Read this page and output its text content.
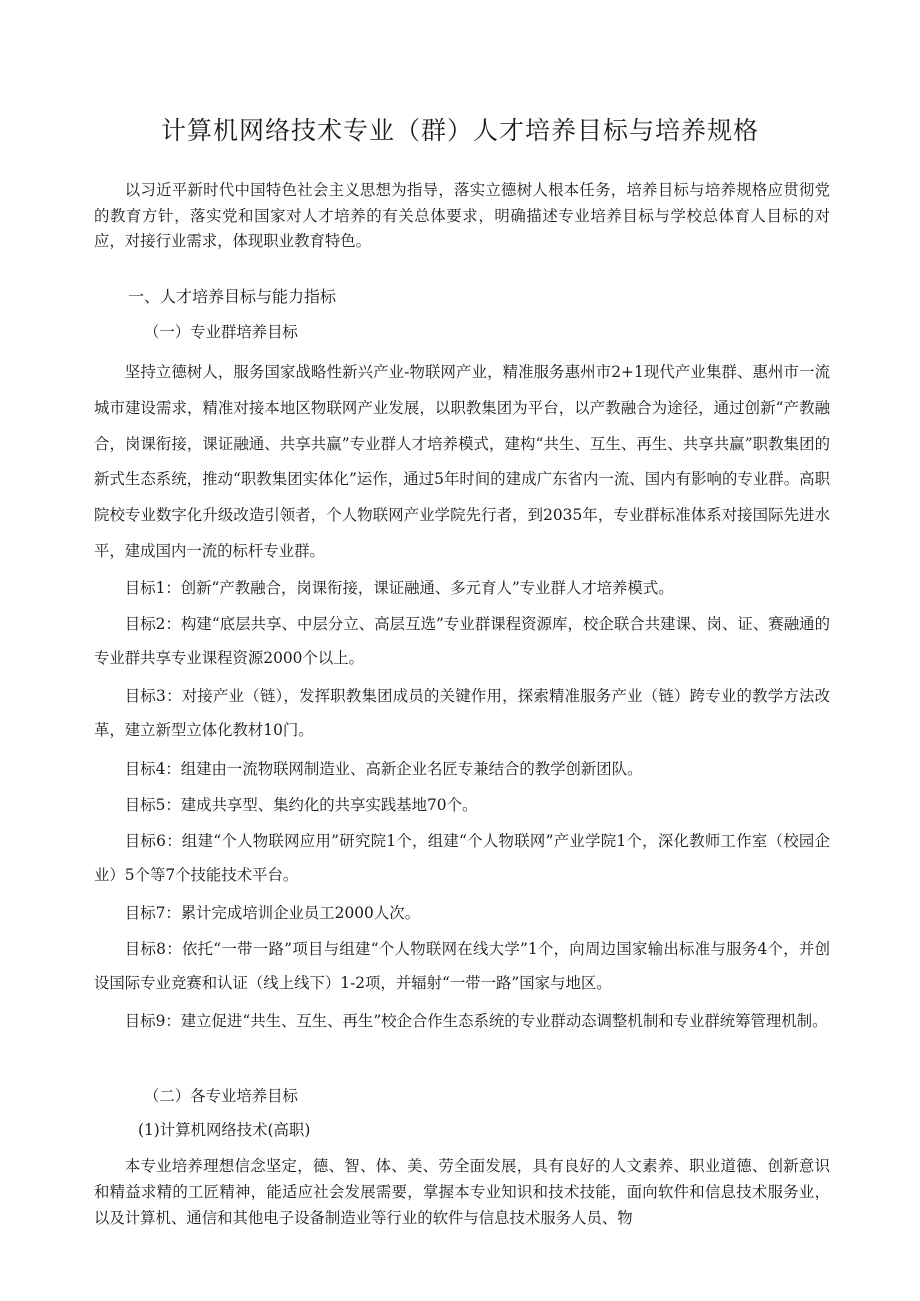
计算机网络技术专业（群）人才培养目标与培养规格

以习近平新时代中国特色社会主义思想为指导，落实立德树人根本任务，培养目标与培养规格应贯彻党的教育方针，落实党和国家对人才培养的有关总体要求，明确描述专业培养目标与学校总体育人目标的对应，对接行业需求，体现职业教育特色。

一、人才培养目标与能力指标

（一）专业群培养目标

坚持立德树人，服务国家战略性新兴产业-物联网产业，精准服务惠州市2+1现代产业集群、惠州市一流城市建设需求，精准对接本地区物联网产业发展，以职教集团为平台，以产教融合为途径，通过创新“产教融合，岗课衔接，课证融通、共享共赢”专业群人才培养模式，建构“共生、互生、再生、共享共赢”职教集团的新式生态系统，推动“职教集团实体化”运作，通过5年时间的建成广东省内一流、国内有影响的专业群。高职院校专业数字化升级改造引领者，个人物联网产业学院先行者，到2035年，专业群标准体系对接国际先进水平，建成国内一流的标杆专业群。

目标1：创新“产教融合，岗课衔接，课证融通、多元育人”专业群人才培养模式。

目标2：构建“底层共享、中层分立、高层互选”专业群课程资源库，校企联合共建课、岗、证、赛融通的专业群共享专业课程资源2000个以上。

目标3：对接产业（链），发挥职教集团成员的关键作用，探索精准服务产业（链）跨专业的教学方法改革，建立新型立体化教材10门。

目标4：组建由一流物联网制造业、高新企业名匠专兼结合的教学创新团队。

目标5：建成共享型、集约化的共享实践基地70个。

目标6：组建“个人物联网应用”研究院1个，组建“个人物联网”产业学院1个，深化教师工作室（校园企业）5个等7个技能技术平台。

目标7：累计完成培训企业员工2000人次。

目标8：依托“一带一路”项目与组建“个人物联网在线大学”1个，向周边国家输出标准与服务4个，并创设国际专业竞赛和认证（线上线下）1-2项，并辐射“一带一路”国家与地区。

目标9：建立促进“共生、互生、再生”校企合作生态系统的专业群动态调整机制和专业群统筹管理机制。

（二）各专业培养目标

(1)计算机网络技术(高职)

本专业培养理想信念坚定，德、智、体、美、劳全面发展，具有良好的人文素养、职业道德、创新意识和精益求精的工匠精神，能适应社会发展需要，掌握本专业知识和技术技能，面向软件和信息技术服务业，以及计算机、通信和其他电子设备制造业等行业的软件与信息技术服务人员、物
